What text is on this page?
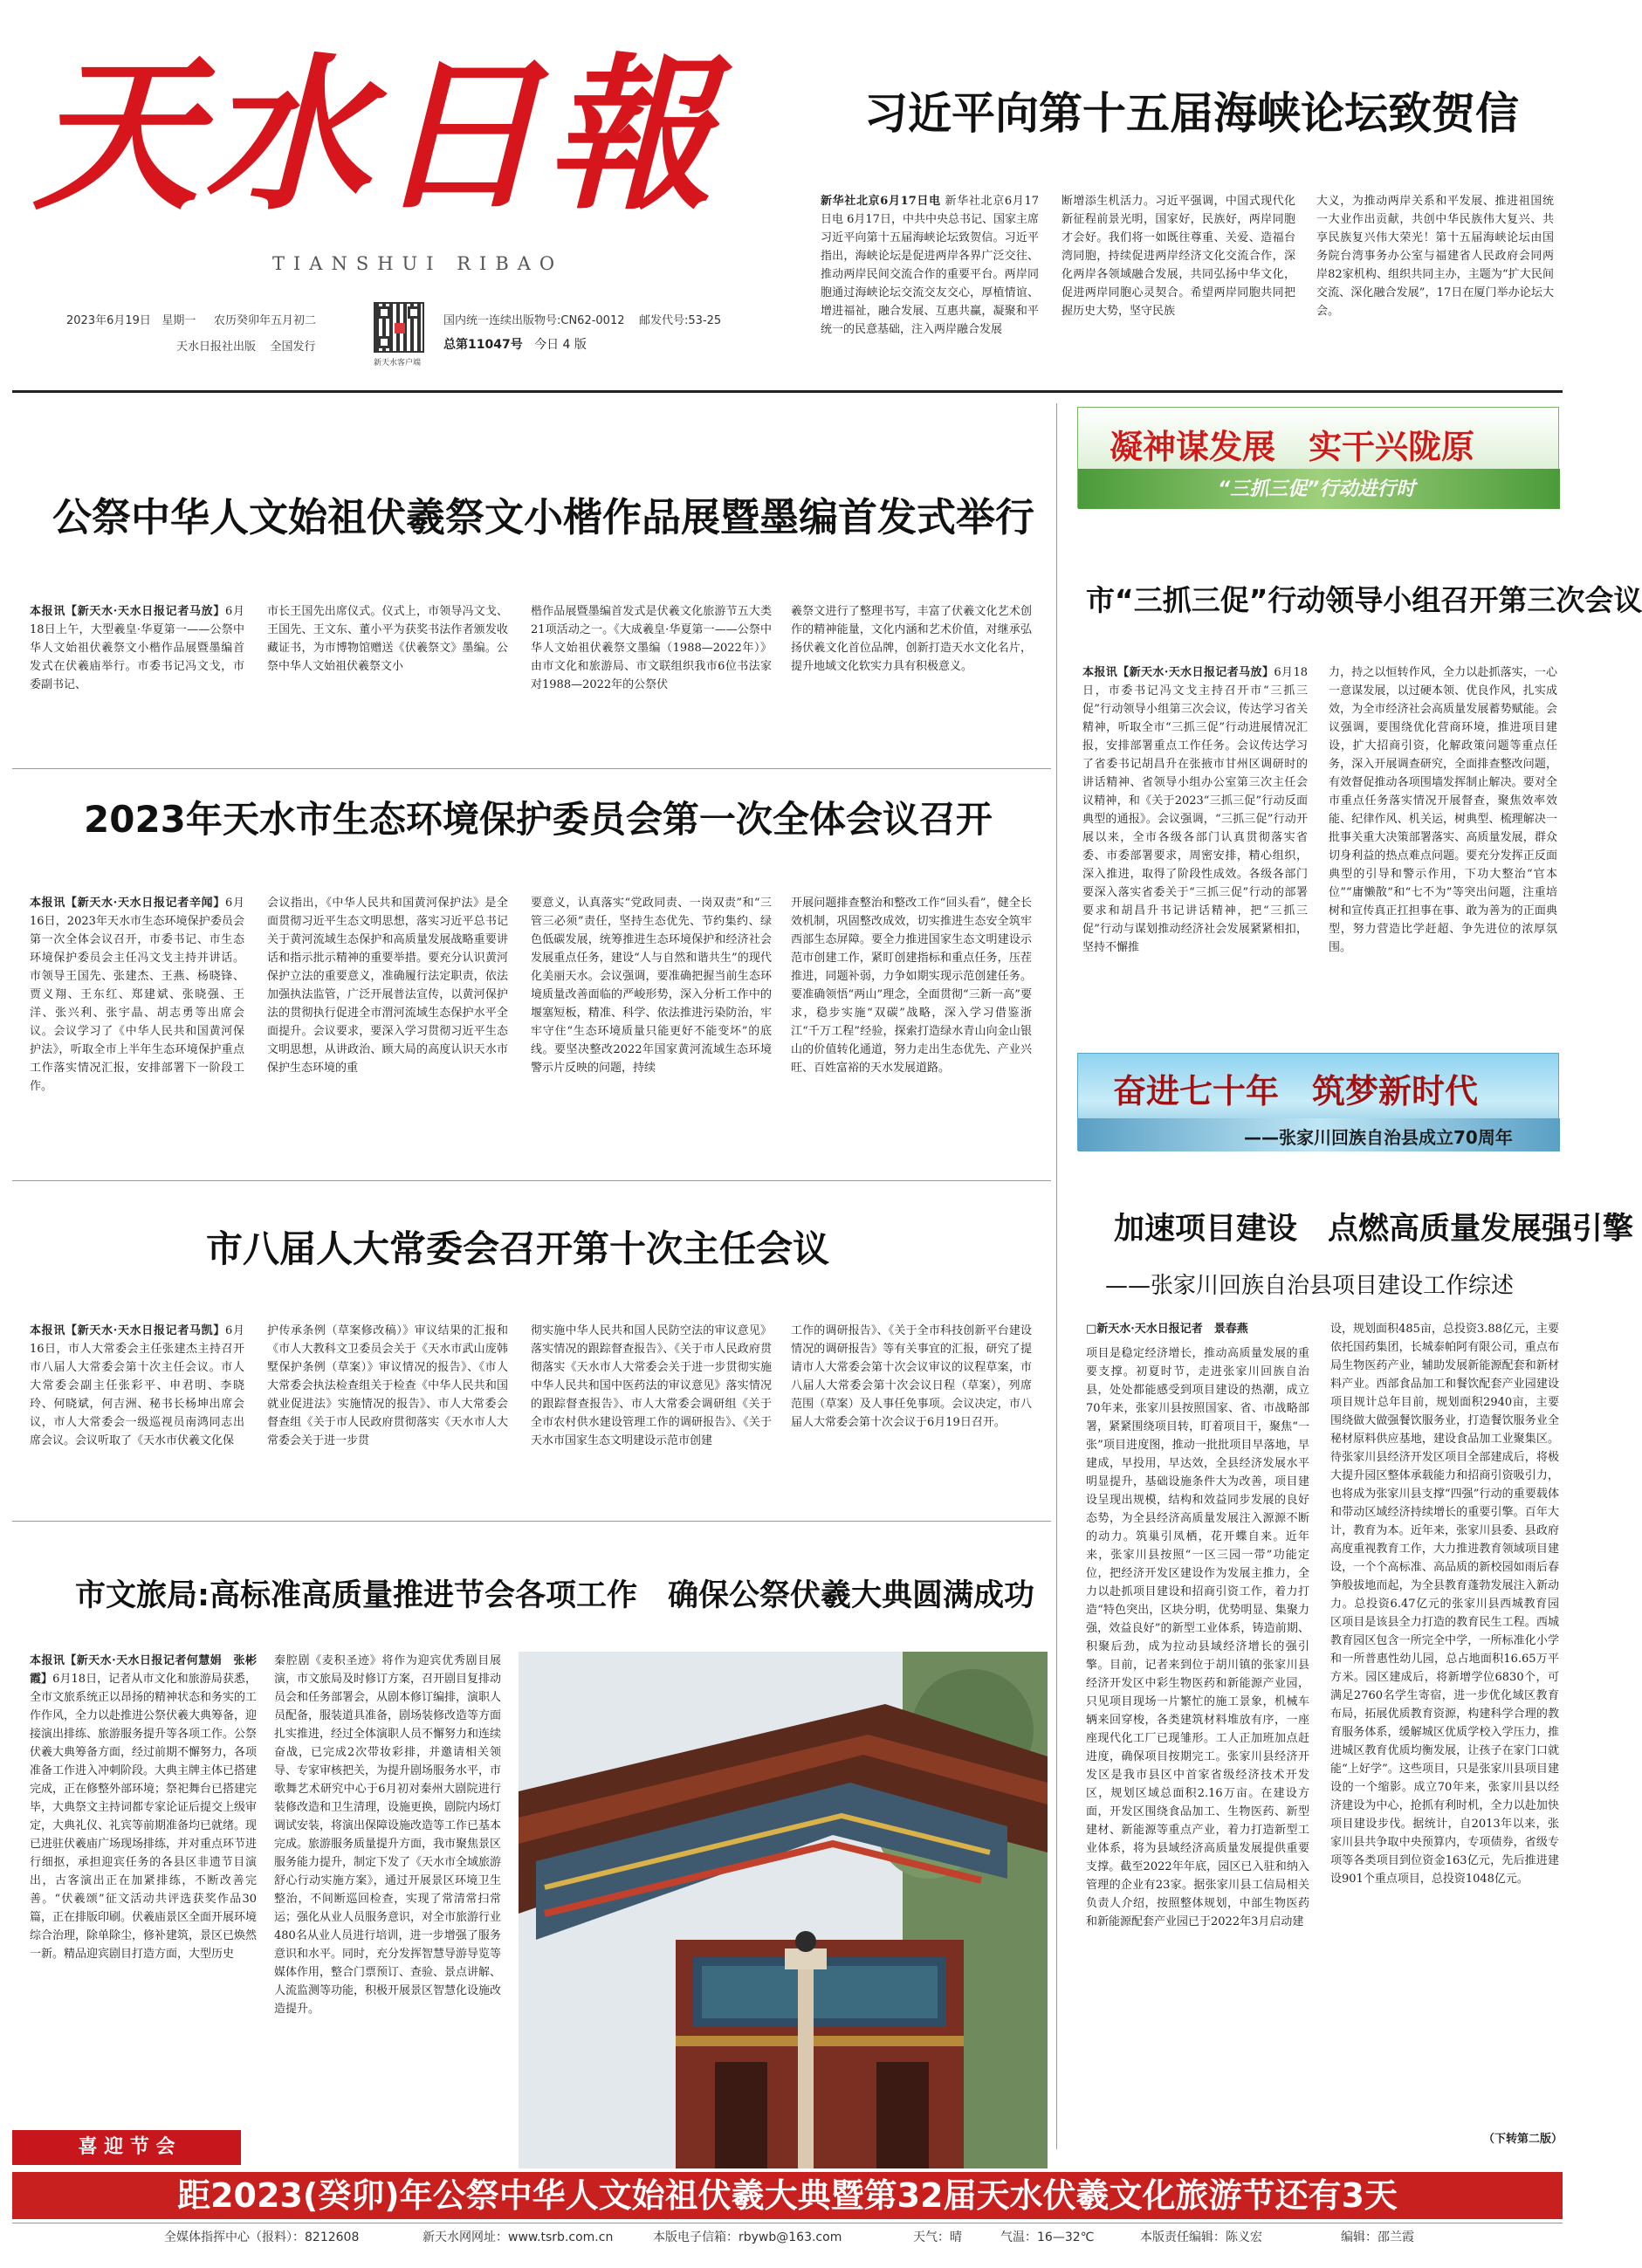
天水日報
TIANSHUI RIBAO
2023年6月19日 星期一 农历癸卯年五月初二
天水日报社出版 全国发行
新天水客户端
国内统一连续出版物号:CN62-0012 邮发代号:53-25
总第11047号 今日 4 版
习近平向第十五届海峡论坛致贺信
新华社北京6月17日电 新华社北京6月17日电 6月17日，中共中央总书记、国家主席习近平向第十五届海峡论坛致贺信。习近平指出，海峡论坛是促进两岸各界广泛交往、推动两岸民间交流合作的重要平台。两岸同胞通过海峡论坛交流交友交心，厚植情谊、增进福祉，融合发展、互惠共赢，凝聚和平统一的民意基础，注入两岸融合发展
断增添生机活力。习近平强调，中国式现代化新征程前景光明，国家好，民族好，两岸同胞才会好。我们将一如既往尊重、关爱、造福台湾同胞，持续促进两岸经济文化交流合作，深化两岸各领域融合发展，共同弘扬中华文化，促进两岸同胞心灵契合。希望两岸同胞共同把握历史大势，坚守民族
大义，为推动两岸关系和平发展、推进祖国统一大业作出贡献，共创中华民族伟大复兴、共享民族复兴伟大荣光！第十五届海峡论坛由国务院台湾事务办公室与福建省人民政府会同两岸82家机构、组织共同主办，主题为“扩大民间交流、深化融合发展”，17日在厦门举办论坛大会。
公祭中华人文始祖伏羲祭文小楷作品展暨墨编首发式举行
本报讯【新天水·天水日报记者马放】6月18日上午，大型羲皇·华夏第一——公祭中华人文始祖伏羲祭文小楷作品展暨墨编首发式在伏羲庙举行。市委书记冯文戈，市委副书记、
市长王国先出席仪式。仪式上，市领导冯文戈、王国先、王文东、董小平为获奖书法作者颁发收藏证书，为市博物馆赠送《伏羲祭文》墨编。公祭中华人文始祖伏羲祭文小
楷作品展暨墨编首发式是伏羲文化旅游节五大类21项活动之一。《大成羲皇·华夏第一——公祭中华人文始祖伏羲祭文墨编（1988—2022年）》由市文化和旅游局、市文联组织我市6位书法家对1988—2022年的公祭伏
羲祭文进行了整理书写，丰富了伏羲文化艺术创作的精神能量，文化内涵和艺术价值，对继承弘扬伏羲文化首位品牌，创新打造天水文化名片，提升地域文化软实力具有积极意义。
2023年天水市生态环境保护委员会第一次全体会议召开
本报讯【新天水·天水日报记者辛闻】6月16日，2023年天水市生态环境保护委员会第一次全体会议召开，市委书记、市生态环境保护委员会主任冯文戈主持并讲话。市领导王国先、张建杰、王燕、杨晓锋、贾义翔、王东红、郑建斌、张晓强、王洋、张兴利、张宇晶、胡志勇等出席会议。会议学习了《中华人民共和国黄河保护法》，听取全市上半年生态环境保护重点工作落实情况汇报，安排部署下一阶段工作。
会议指出，《中华人民共和国黄河保护法》是全面贯彻习近平生态文明思想，落实习近平总书记关于黄河流域生态保护和高质量发展战略重要讲话和指示批示精神的重要举措。要充分认识黄河保护立法的重要意义，准确履行法定职责，依法加强执法监管，广泛开展普法宣传，以黄河保护法的贯彻执行促进全市渭河流域生态保护水平全面提升。会议要求，要深入学习贯彻习近平生态文明思想，从讲政治、顾大局的高度认识天水市保护生态环境的重
要意义，认真落实“党政同责、一岗双责”和“三管三必须”责任，坚持生态优先、节约集约、绿色低碳发展，统筹推进生态环境保护和经济社会发展重点任务，建设“人与自然和谐共生”的现代化美丽天水。会议强调，要准确把握当前生态环境质量改善面临的严峻形势，深入分析工作中的堰塞短板，精准、科学、依法推进污染防治，牢牢守住“生态环境质量只能更好不能变坏”的底线。要坚决整改2022年国家黄河流域生态环境警示片反映的问题，持续
开展问题排查整治和整改工作“回头看”，健全长效机制，巩固整改成效，切实推进生态安全筑牢西部生态屏障。要全力推进国家生态文明建设示范市创建工作，紧盯创建指标和重点任务，压茬推进，同题补弱，力争如期实现示范创建任务。要准确领悟“两山”理念，全面贯彻“三新一高”要求，稳步实施“双碳”战略，深入学习借鉴浙江“千万工程”经验，探索打造绿水青山向金山银山的价值转化通道，努力走出生态优先、产业兴旺、百姓富裕的天水发展道路。
市八届人大常委会召开第十次主任会议
本报讯【新天水·天水日报记者马凯】6月16日，市人大常委会主任张建杰主持召开市八届人大常委会第十次主任会议。市人大常委会副主任张彩平、申君明、李晓玲、何晓斌，何吉洲、秘书长杨坤出席会议，市人大常委会一级巡视员南鸿同志出席会议。会议听取了《天水市伏羲文化保
护传承条例（草案修改稿）》审议结果的汇报和《市人大教科文卫委员会关于《天水市武山庞韩墅保护条例（草案）》审议情况的报告》、《市人大常委会执法检查组关于检查《中华人民共和国就业促进法》实施情况的报告》、市人大常委会督查组《关于市人民政府贯彻落实《天水市人大常委会关于进一步贯
彻实施中华人民共和国人民防空法的审议意见》落实情况的跟踪督查报告》、《关于市人民政府贯彻落实《天水市人大常委会关于进一步贯彻实施中华人民共和国中医药法的审议意见》落实情况的跟踪督查报告》、市人大常委会调研组《关于全市农村供水建设管理工作的调研报告》、《关于天水市国家生态文明建设示范市创建
工作的调研报告》、《关于全市科技创新平台建设情况的调研报告》等有关事宜的汇报，研究了提请市人大常委会第十次会议审议的议程草案，市八届人大常委会第十次会议日程（草案），列席范围（草案）及人事任免事项。会议决定，市八届人大常委会第十次会议于6月19日召开。
市文旅局:高标准高质量推进节会各项工作　确保公祭伏羲大典圆满成功
本报讯【新天水·天水日报记者何慧娟　张彬霞】6月18日，记者从市文化和旅游局获悉，全市文旅系统正以昂扬的精神状态和务实的工作作风，全力以赴推进公祭伏羲大典筹备，迎接演出排练、旅游服务提升等各项工作。公祭伏羲大典筹备方面，经过前期不懈努力，各项准备工作进入冲刺阶段。大典主牌主体已搭建完成，正在修整外部环境；祭祀舞台已搭建完毕，大典祭文主持词都专家论证后提交上级审定，大典礼仪、礼宾等前期准备均已就绪。现已进驻伏羲庙广场现场排练，并对重点环节进行细抠，承担迎宾任务的各县区非遗节目演出，古客演出正在加紧排练，不断改善完善。“伏羲颂”征文活动共评选获奖作品30篇，正在排版印刷。伏羲庙景区全面开展环境综合治理，除单除尘，修补建筑，景区已焕然一新。精品迎宾剧目打造方面，大型历史
秦腔剧《麦积圣迹》将作为迎宾优秀剧目展演，市文旅局及时修订方案，召开剧目复排动员会和任务部署会，从剧本修订编排，演职人员配备，服装道具准备，剧场装修改造等方面扎实推进，经过全体演职人员不懈努力和连续奋战，已完成2次带妆彩排，并邀请相关领导、专家审核把关，为提升剧场服务水平，市歌舞艺术研究中心于6月初对秦州大剧院进行装修改造和卫生清理，设施更换，剧院内场灯调试安装，将演出保障设施改造等工作已基本完成。旅游服务质量提升方面，我市聚焦景区服务能力提升，制定下发了《天水市全域旅游舒心行动实施方案》，通过开展景区环境卫生整治，不间断巡回检查，实现了常清常扫常运；强化从业人员服务意识，对全市旅游行业480名从业人员进行培训，进一步增强了服务意识和水平。同时，充分发挥智慧导游导览等媒体作用，整合门票预订、查验、景点讲解、人流监测等功能，积极开展景区智慧化设施改造提升。
喜 迎 节 会
凝神谋发展　实干兴陇原
“三抓三促”行动进行时
市“三抓三促”行动领导小组召开第三次会议
本报讯【新天水·天水日报记者马放】6月18日，市委书记冯文戈主持召开市“三抓三促”行动领导小组第三次会议，传达学习省关精神，听取全市“三抓三促”行动进展情况汇报，安排部署重点工作任务。会议传达学习了省委书记胡昌升在张掖市甘州区调研时的讲话精神、省领导小组办公室第三次主任会议精神，和《关于2023“三抓三促”行动反面典型的通报》。会议强调，“三抓三促”行动开展以来，全市各级各部门认真贯彻落实省委、市委部署要求，周密安排，精心组织，深入推进，取得了阶段性成效。各级各部门要深入落实省委关于“三抓三促”行动的部署要求和胡昌升书记讲话精神，把“三抓三促”行动与谋划推动经济社会发展紧紧相扣，坚持不懈推
力，持之以恒转作风，全力以赴抓落实，一心一意谋发展，以过硬本领、优良作风，扎实成效，为全市经济社会高质量发展蓄势赋能。会议强调，要围绕优化营商环境，推进项目建设，扩大招商引资，化解政策问题等重点任务，深入开展调查研究，全面排查整改问题，有效督促推动各项围墙发挥制止解决。要对全市重点任务落实情况开展督查，聚焦效率效能、纪律作风、机关运，树典型、梳理解决一批事关重大决策部署落实、高质量发展，群众切身利益的热点难点问题。要充分发挥正反面典型的引导和警示作用，下功大整治“官本位”“庸懒散”和“七不为”等突出问题，注重培树和宣传真正扛担事在事、敢为善为的正面典型，努力营造比学赶超、争先进位的浓厚氛围。
奋进七十年　筑梦新时代
——张家川回族自治县成立70周年
加速项目建设　点燃高质量发展强引擎
——张家川回族自治县项目建设工作综述
□新天水·天水日报记者　景春燕
项目是稳定经济增长，推动高质量发展的重要支撑。初夏时节，走进张家川回族自治县，处处都能感受到项目建设的热潮，成立70年来，张家川县按照国家、省、市战略部署，紧紧围绕项目转，盯着项目干，聚焦“一张”项目进度图，推动一批批项目早落地，早建成，早投用，早达效，全县经济发展水平明显提升，基础设施条件大为改善，项目建设呈现出规模，结构和效益同步发展的良好态势，为全县经济高质量发展注入源源不断的动力。筑巢引凤栖，花开蝶自来。近年来，张家川县按照“一区三园一带”功能定位，把经济开发区建设作为发展主推力，全力以赴抓项目建设和招商引资工作，着力打造“特色突出，区块分明，优势明显、集聚力强，效益良好”的新型工业体系，铸造前期、积聚后劲，成为拉动县域经济增长的强引擎。目前，记者来到位于胡川镇的张家川县经济开发区中彩生物医药和新能源产业园，只见项目现场一片繁忙的施工景象，机械车辆来回穿梭，各类建筑材料堆放有序，一座座现代化工厂已现雏形。工人正加班加点赶进度，确保项目按期完工。张家川县经济开发区是我市县区中首家省级经济技术开发区，规划区域总面积2.16万亩。在建设方面，开发区围绕食品加工、生物医药、新型建材、新能源等重点产业，着力打造新型工业体系，将为县域经济高质量发展提供重要支撑。截至2022年年底，园区已入驻和纳入管理的企业有23家。据张家川县工信局相关负责人介绍，按照整体规划，中部生物医药和新能源配套产业园已于2022年3月启动建
设，规划面积485亩，总投资3.88亿元，主要依托国药集团，长城泰帕阿有限公司，重点布局生物医药产业，辅助发展新能源配套和新材料产业。西部食品加工和餐饮配套产业园建设项目规计总年目前，规划面积2940亩，主要围绕做大做强餐饮服务业，打造餐饮服务业全秘材原料供应基地，建设食品加工业聚集区。待张家川县经济开发区项目全部建成后，将极大提升园区整体承载能力和招商引资吸引力，也将成为张家川县支撑“四强”行动的重要载体和带动区域经济持续增长的重要引擎。百年大计，教育为本。近年来，张家川县委、县政府高度重视教育工作，大力推进教育领域项目建设，一个个高标准、高品质的新校园如雨后春笋般拔地而起，为全县教育蓬勃发展注入新动力。总投资6.47亿元的张家川县西城教育园区项目是该县全力打造的教育民生工程。西城教育园区包含一所完全中学，一所标准化小学和一所普惠性幼儿园，总占地面积16.65万平方米。园区建成后，将新增学位6830个，可满足2760名学生寄宿，进一步优化域区教育布局，拓展优质教育资源，构建科学合理的教育服务体系，缓解城区优质学校入学压力，推进城区教育优质均衡发展，让孩子在家门口就能“上好学”。这些项目，只是张家川县项目建设的一个缩影。成立70年来，张家川县以经济建设为中心，抢抓有利时机，全力以赴加快项目建设步伐。据统计，自2013年以来，张家川县共争取中央预算内，专项债券，省级专项等各类项目到位资金163亿元，先后推进建设901个重点项目，总投资1048亿元。
（下转第二版）
距2023(癸卯)年公祭中华人文始祖伏羲大典暨第32届天水伏羲文化旅游节还有3天
全媒体指挥中心（报料）：8212608	新天水网网址：www.tsrb.com.cn	本版电子信箱：rbywb@163.com	天气：晴	气温：16—32℃	本版责任编辑：陈义宏	编辑：邵兰霞
